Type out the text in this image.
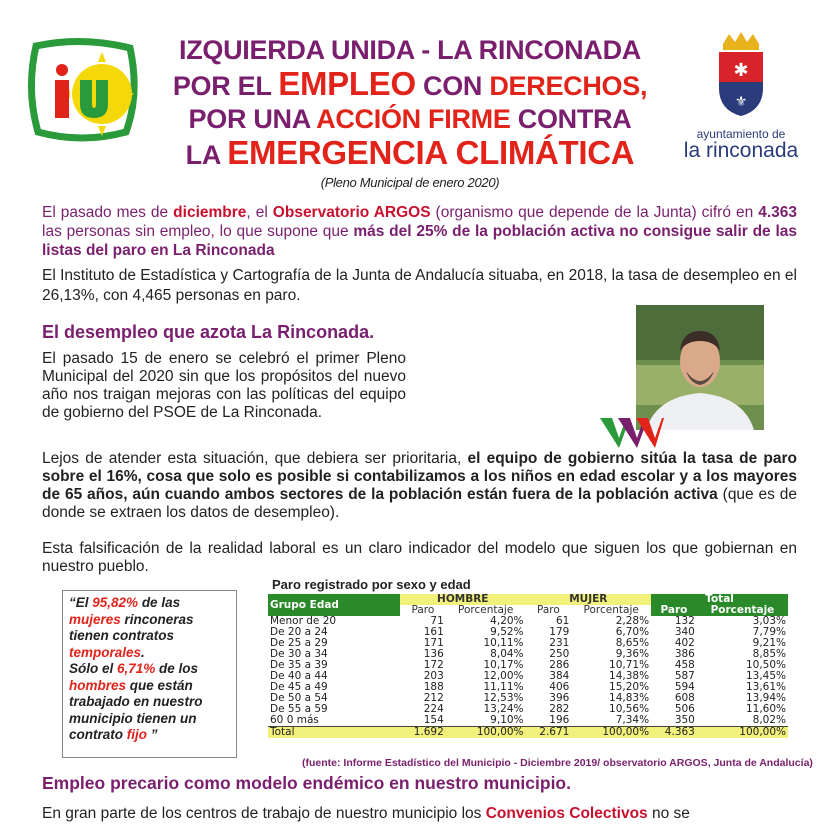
IZQUIERDA UNIDA - LA RINCONADA
POR EL EMPLEO CON DERECHOS,
POR UNA ACCIÓN FIRME CONTRA
LA EMERGENCIA CLIMÁTICA
(Pleno Municipal de enero 2020)
✱
⚜
ayuntamiento de
la rinconada
El pasado mes de diciembre, el Observatorio ARGOS (organismo que depende de la Junta) cifró en 4.363 las personas sin empleo, lo que supone que más del 25% de la población activa no consigue salir de las listas del paro en La Rinconada
El Instituto de Estadística y Cartografía de la Junta de Andalucía situaba, en 2018, la tasa de desempleo en el 26,13%, con 4,465 personas en paro.
El desempleo que azota La Rinconada.
El pasado 15 de enero se celebró el primer Pleno Municipal del 2020 sin que los propósitos del nuevo año nos traigan mejoras con las políticas del equipo de gobierno del PSOE de La Rinconada.
Lejos de atender esta situación, que debiera ser prioritaria, el equipo de gobierno sitúa la tasa de paro sobre el 16%, cosa que solo es posible si contabilizamos a los niños en edad escolar y a los mayores de 65 años, aún cuando ambos sectores de la población están fuera de la población activa (que es de donde se extraen los datos de desempleo).
Esta falsificación de la realidad laboral es un claro indicador del modelo que siguen los que gobiernan en nuestro pueblo.
“El 95,82% de las mujeres rinconeras tienen contratos temporales.
Sólo el 6,71% de los hombres que están trabajado en nuestro municipio tienen un contrato fijo ”
Paro registrado por sexo y edad
Grupo Edad	HOMBRE		MUJER		Total	
	Paro	Porcentaje	Paro	Porcentaje	Paro	Porcentaje
Menor de 20	71	4,20%	61	2,28%	132	3,03%
De 20 a 24	161	9,52%	179	6,70%	340	7,79%
De 25 a 29	171	10,11%	231	8,65%	402	9,21%
De 30 a 34	136	8,04%	250	9,36%	386	8,85%
De 35 a 39	172	10,17%	286	10,71%	458	10,50%
De 40 a 44	203	12,00%	384	14,38%	587	13,45%
De 45 a 49	188	11,11%	406	15,20%	594	13,61%
De 50 a 54	212	12,53%	396	14,83%	608	13,94%
De 55 a 59	224	13,24%	282	10,56%	506	11,60%
60 0 más	154	9,10%	196	7,34%	350	8,02%
Total	1.692	100,00%	2.671	100,00%	4.363	100,00%
(fuente: Informe Estadístico del Municipio - Diciembre 2019/ observatorio ARGOS, Junta de Andalucía)
Empleo precario como modelo endémico en nuestro municipio.
En gran parte de los centros de trabajo de nuestro municipio los Convenios Colectivos no se
